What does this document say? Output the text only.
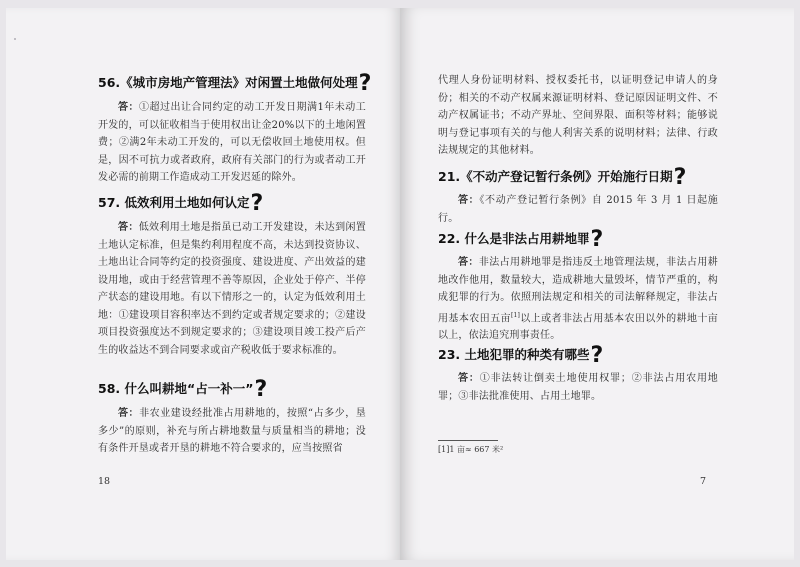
56.《城市房地产管理法》对闲置土地做何处理?
答：①超过出让合同约定的动工开发日期满1年未动工开发的，可以征收相当于使用权出让金20%以下的土地闲置费；②满2年未动工开发的，可以无偿收回土地使用权。但是，因不可抗力或者政府，政府有关部门的行为或者动工开发必需的前期工作造成动工开发迟延的除外。
57. 低效利用土地如何认定?
答：低效利用土地是指虽已动工开发建设，未达到闲置土地认定标准，但是集约利用程度不高，未达到投资协议、土地出让合同等约定的投资强度、建设进度、产出效益的建设用地，或由于经营管理不善等原因，企业处于停产、半停产状态的建设用地。有以下情形之一的，认定为低效利用土地：①建设项目容积率达不到约定或者规定要求的；②建设项目投资强度达不到规定要求的；③建设项目竣工投产后产生的收益达不到合同要求或亩产税收低于要求标准的。
58. 什么叫耕地“占一补一”?
答：非农业建设经批准占用耕地的，按照“占多少，垦多少”的原则，补充与所占耕地数量与质量相当的耕地；没有条件开垦或者开垦的耕地不符合要求的，应当按照省
18
代理人身份证明材料、授权委托书，以证明登记申请人的身份；相关的不动产权属来源证明材料、登记原因证明文件、不动产权属证书；不动产界址、空间界限、面积等材料；能够说明与登记事项有关的与他人利害关系的说明材料；法律、行政法规规定的其他材料。
21.《不动产登记暂行条例》开始施行日期?
答：《不动产登记暂行条例》自 2015 年 3 月 1 日起施行。
22. 什么是非法占用耕地罪?
答：非法占用耕地罪是指违反土地管理法规，非法占用耕地改作他用，数量较大，造成耕地大量毁坏，情节严重的，构成犯罪的行为。依照刑法规定和相关的司法解释规定，非法占用基本农田五亩[1]以上或者非法占用基本农田以外的耕地十亩以上，依法追究刑事责任。
23. 土地犯罪的种类有哪些?
答：①非法转让倒卖土地使用权罪；②非法占用农用地罪；③非法批准使用、占用土地罪。
[1]1 亩≈ 667 米²
7
